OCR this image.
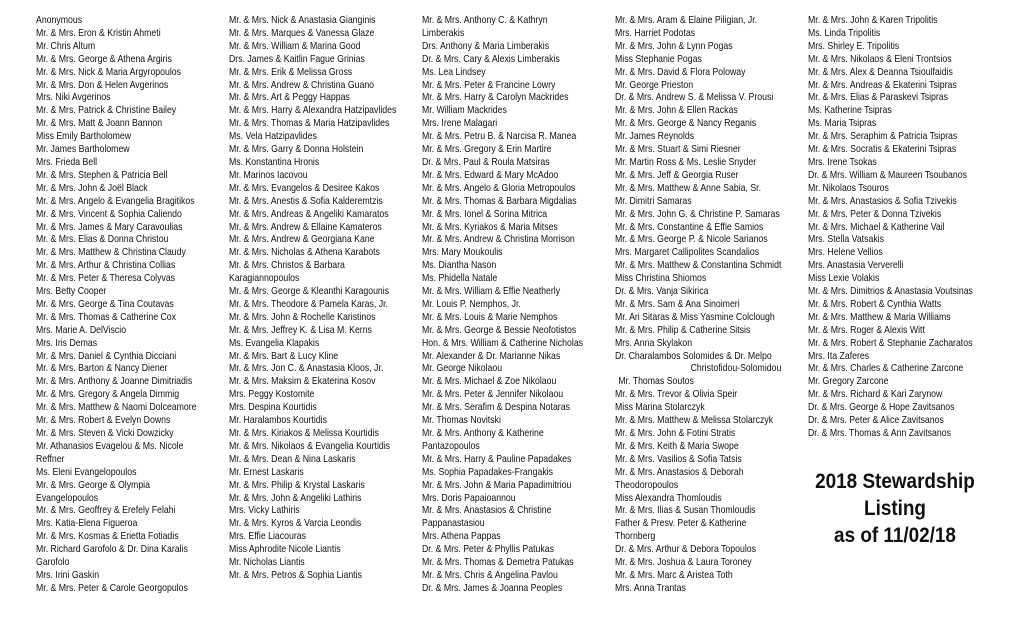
Anonymous
Mr. & Mrs. Eron & Kristin Ahmeti
Mr. Chris Altum
Mr. & Mrs. George & Athena Argiris
Mr. & Mrs. Nick & Maria Argyropoulos
Mr. & Mrs. Don & Helen Avgerinos
Mrs. Niki Avgerinos
Mr. & Mrs. Patrick & Christine Bailey
Mr. & Mrs. Matt & Joann Bannon
Miss Emily Bartholomew
Mr. James Bartholomew
Mrs. Frieda Bell
Mr. & Mrs. Stephen & Patricia Bell
Mr. & Mrs. John & Joël Black
Mr. & Mrs. Angelo & Evangelia Bragitikos
Mr. & Mrs. Vincent & Sophia Caliendo
Mr. & Mrs. James & Mary Caravoulias
Mr. & Mrs. Elias & Donna Christou
Mr. & Mrs. Matthew & Christina Claudy
Mr. & Mrs. Arthur & Christina Collias
Mr. & Mrs. Peter & Theresa Colyvas
Mrs. Betty Cooper
Mr. & Mrs. George & Tina Coutavas
Mr. & Mrs. Thomas & Catherine Cox
Mrs. Marie A. DelViscio
Mrs. Iris Demas
Mr. & Mrs. Daniel & Cynthia Dicciani
Mr. & Mrs. Barton & Nancy Diener
Mr. & Mrs. Anthony & Joanne Dimitriadis
Mr. & Mrs. Gregory & Angela Dimmig
Mr. & Mrs. Matthew & Naomi Dolceamore
Mr. & Mrs. Robert & Evelyn Downs
Mr. & Mrs. Steven & Vicki Dowzicky
Mr. Athanasios Evagelou & Ms. Nicole
Reffner
Ms. Eleni Evangelopoulos
Mr. & Mrs. George & Olympia
Evangelopoulos
Mr. & Mrs. Geoffrey & Erefely Felahi
Mrs. Katia-Elena Figueroa
Mr. & Mrs. Kosmas & Erietta Fotiadis
Mr. Richard Garofolo & Dr. Dina Karalis
Garofolo
Mrs. Irini Gaskin
Mr. & Mrs. Peter & Carole Georgopulos
Mr. & Mrs. Nick & Anastasia Gianginis
Mr. & Mrs. Marques & Vanessa Glaze
Mr. & Mrs. William & Marina Good
Drs. James & Kaitlin Fague Grinias
Mr. & Mrs. Erik & Melissa Gross
Mr. & Mrs. Andrew & Christina Guano
Mr. & Mrs. Art & Peggy Happas
Mr. & Mrs. Harry & Alexandra Hatzipavlides
Mr. & Mrs. Thomas & Maria Hatzipavlides
Ms. Vela Hatzipavlides
Mr. & Mrs. Garry & Donna Holstein
Ms. Konstantina Hronis
Mr. Marinos Iacovou
Mr. & Mrs. Evangelos & Desiree Kakos
Mr. & Mrs. Anestis & Sofia Kalderemtzis
Mr. & Mrs. Andreas & Angeliki Kamaratos
Mr. & Mrs. Andrew & Ellaine Kamateros
Mr. & Mrs. Andrew & Georgiana Kane
Mr. & Mrs. Nicholas & Athena Karabots
Mr. & Mrs. Christos & Barbara
Karagiannopoulos
Mr. & Mrs. George & Kleanthi Karagounis
Mr. & Mrs. Theodore & Pamela Karas, Jr.
Mr. & Mrs. John & Rochelle Karistinos
Mr. & Mrs. Jeffrey K. & Lisa M. Kerns
Ms. Evangelia Klapakis
Mr. & Mrs. Bart & Lucy Kline
Mr. & Mrs. Jon C. & Anastasia Kloos, Jr.
Mr. & Mrs. Maksim & Ekaterina Kosov
Mrs. Peggy Kostomite
Mrs. Despina Kourtidis
Mr. Haralambos Kourtidis
Mr. & Mrs. Kiriakos & Melissa Kourtidis
Mr. & Mrs. Nikolaos & Evangelia Kourtidis
Mr. & Mrs. Dean & Nina Laskaris
Mr. Ernest Laskaris
Mr. & Mrs. Philip & Krystal Laskaris
Mr. & Mrs. John & Angeliki Lathiris
Mrs. Vicky Lathiris
Mr. & Mrs. Kyros & Varcia Leondis
Mrs. Effie Liacouras
Miss Aphrodite Nicole Liantis
Mr. Nicholas Liantis
Mr. & Mrs. Petros & Sophia Liantis
Mr. & Mrs. Anthony C. & Kathryn
Limberakis
Drs. Anthony & Maria Limberakis
Dr. & Mrs. Cary & Alexis Limberakis
Ms. Lea Lindsey
Mr. & Mrs. Peter & Francine Lowry
Mr. & Mrs. Harry & Carolyn Mackrides
Mr. William Mackrides
Mrs. Irene Malagari
Mr. & Mrs. Petru B. & Narcisa R. Manea
Mr. & Mrs. Gregory & Erin Martire
Dr. & Mrs. Paul & Roula Matsiras
Mr. & Mrs. Edward & Mary McAdoo
Mr. & Mrs. Angelo & Gloria Metropoulos
Mr. & Mrs. Thomas & Barbara Migdalias
Mr. & Mrs. Ionel & Sorina Mitrica
Mr. & Mrs. Kyriakos & Maria Mitses
Mr. & Mrs. Andrew & Christina Morrison
Mrs. Mary Moukoulis
Ms. Diantha Nason
Ms. Phidella Natale
Mr. & Mrs. William & Effie Neatherly
Mr. Louis P. Nemphos, Jr.
Mr. & Mrs. Louis & Marie Nemphos
Mr. & Mrs. George & Bessie Neofotistos
Hon. & Mrs. William & Catherine Nicholas
Mr. Alexander & Dr. Marianne Nikas
Mr. George Nikolaou
Mr. & Mrs. Michael & Zoe Nikolaou
Mr. & Mrs. Peter & Jennifer Nikolaou
Mr. & Mrs. Serafim & Despina Notaras
Mr. Thomas Novitski
Mr. & Mrs. Anthony & Katherine
Pantazopoulos
Mr. & Mrs. Harry & Pauline Papadakes
Ms. Sophia Papadakes-Frangakis
Mr. & Mrs. John & Maria Papadimitriou
Mrs. Doris Papaioannou
Mr. & Mrs. Anastasios & Christine
Pappanastasiou
Mrs. Athena Pappas
Dr. & Mrs. Peter & Phyllis Patukas
Mr. & Mrs. Thomas & Demetra Patukas
Mr. & Mrs. Chris & Angelina Pavlou
Dr. & Mrs. James & Joanna Peoples
Mr. & Mrs. Aram & Elaine Piligian, Jr.
Mrs. Harriet Podotas
Mr. & Mrs. John & Lynn Pogas
Miss Stephanie Pogas
Mr. & Mrs. David & Flora Poloway
Mr. George Prieston
Dr. & Mrs. Andrew S. & Melissa V. Prousi
Mr. & Mrs. John & Ellen Rackas
Mr. & Mrs. George & Nancy Reganis
Mr. James Reynolds
Mr. & Mrs. Stuart & Simi Riesner
Mr. Martin Ross & Ms. Leslie Snyder
Mr. & Mrs. Jeff & Georgia Ruser
Mr. & Mrs. Matthew & Anne Sabia, Sr.
Mr. Dimitri Samaras
Mr. & Mrs. John G. & Christine P. Samaras
Mr. & Mrs. Constantine & Effie Samios
Mr. & Mrs. George P. & Nicole Sarianos
Mrs. Margaret Callipolites Scandalios
Mr. & Mrs. Matthew & Constantina Schmidt
Miss Christina Shiomos
Dr. & Mrs. Vanja Sikirica
Mr. & Mrs. Sam & Ana Sinoimeri
Mr. Ari Sitaras & Miss Yasmine Colclough
Mr. & Mrs. Philip & Catherine Sitsis
Mrs. Anna Skylakon
Dr. Charalambos Solomides & Dr. Melpo
Christofidou-Solomidou
Mr. Thomas Soutos
Mr. & Mrs. Trevor & Olivia Speir
Miss Marina Stolarczyk
Mr. & Mrs. Matthew & Melissa Stolarczyk
Mr. & Mrs. John & Fotini Stratis
Mr. & Mrs. Keith & Maria Swope
Mr. & Mrs. Vasilios & Sofia Tatsis
Mr. & Mrs. Anastasios & Deborah
Theodoropoulos
Miss Alexandra Thomloudis
Mr. & Mrs. Ilias & Susan Thomloudis
Father & Presv. Peter & Katherine
Thornberg
Dr. & Mrs. Arthur & Debora Topoulos
Mr. & Mrs. Joshua & Laura Toroney
Mr. & Mrs. Marc & Aristea Toth
Mrs. Anna Trantas
Mr. & Mrs. John & Karen Tripolitis
Ms. Linda Tripolitis
Mrs. Shirley E. Tripolitis
Mr. & Mrs. Nikolaos & Eleni Trontsios
Mr. & Mrs. Alex & Deanna Tsioulfaidis
Mr. & Mrs. Andreas & Ekaterini Tsipras
Mr. & Mrs. Elias & Paraskevi Tsipras
Ms. Katherine Tsipras
Ms. Maria Tsipras
Mr. & Mrs. Seraphim & Patricia Tsipras
Mr. & Mrs. Socratis & Ekaterini Tsipras
Mrs. Irene Tsokas
Dr. & Mrs. William & Maureen Tsoubanos
Mr. Nikolaos Tsouros
Mr. & Mrs. Anastasios & Sofia Tzivekis
Mr. & Mrs. Peter & Donna Tzivekis
Mr. & Mrs. Michael & Katherine Vail
Mrs. Stella Vatsakis
Mrs. Helene Vellios
Mrs. Anastasia Ververelli
Miss Lexie Volakis
Mr. & Mrs. Dimitrios & Anastasia Voutsinas
Mr. & Mrs. Robert & Cynthia Watts
Mr. & Mrs. Matthew & Maria Williams
Mr. & Mrs. Roger & Alexis Witt
Mr. & Mrs. Robert & Stephanie Zacharatos
Mrs. Ita Zaferes
Mr. & Mrs. Charles & Catherine Zarcone
Mr. Gregory Zarcone
Mr. & Mrs. Richard & Kari Zarynow
Dr. & Mrs. George & Hope Zavitsanos
Dr. & Mrs. Peter & Alice Zavitsanos
Dr. & Mrs. Thomas & Ann Zavitsanos
2018 Stewardship
Listing
as of 11/02/18
